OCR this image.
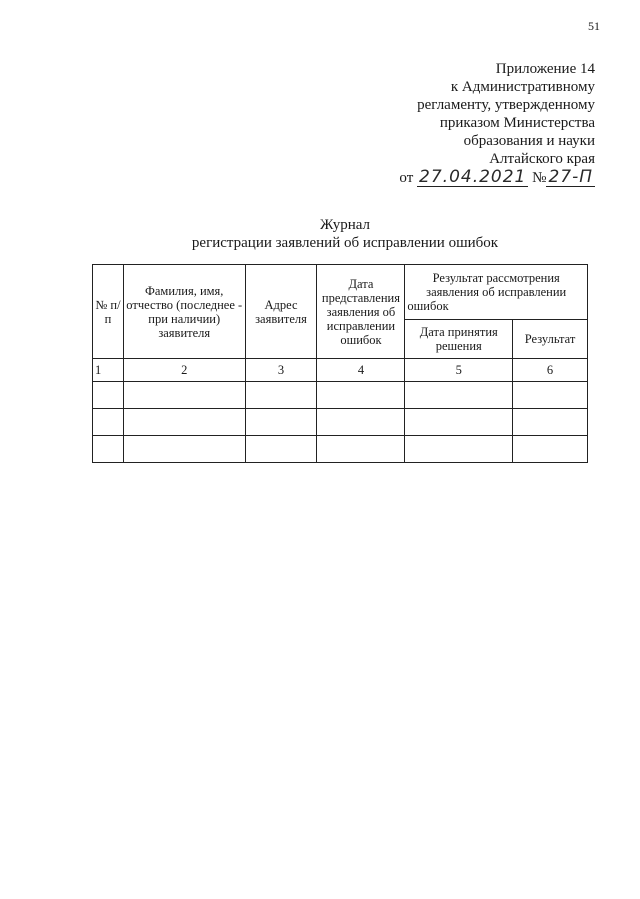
51
Приложение 14
к Административному
регламенту, утвержденному
приказом Министерства
образования и науки
Алтайского края
от 27.04.2021 № 27-П
Журнал
регистрации заявлений об исправлении ошибок
№ п/п	Фамилия, имя, отчество (последнее - при наличии) заявителя	Адрес заявителя	Дата представления заявления об исправлении ошибок	Результат рассмотрения заявления об исправлении ошибок	
				Дата принятия решения	Результат
1	2	3	4	5	6
